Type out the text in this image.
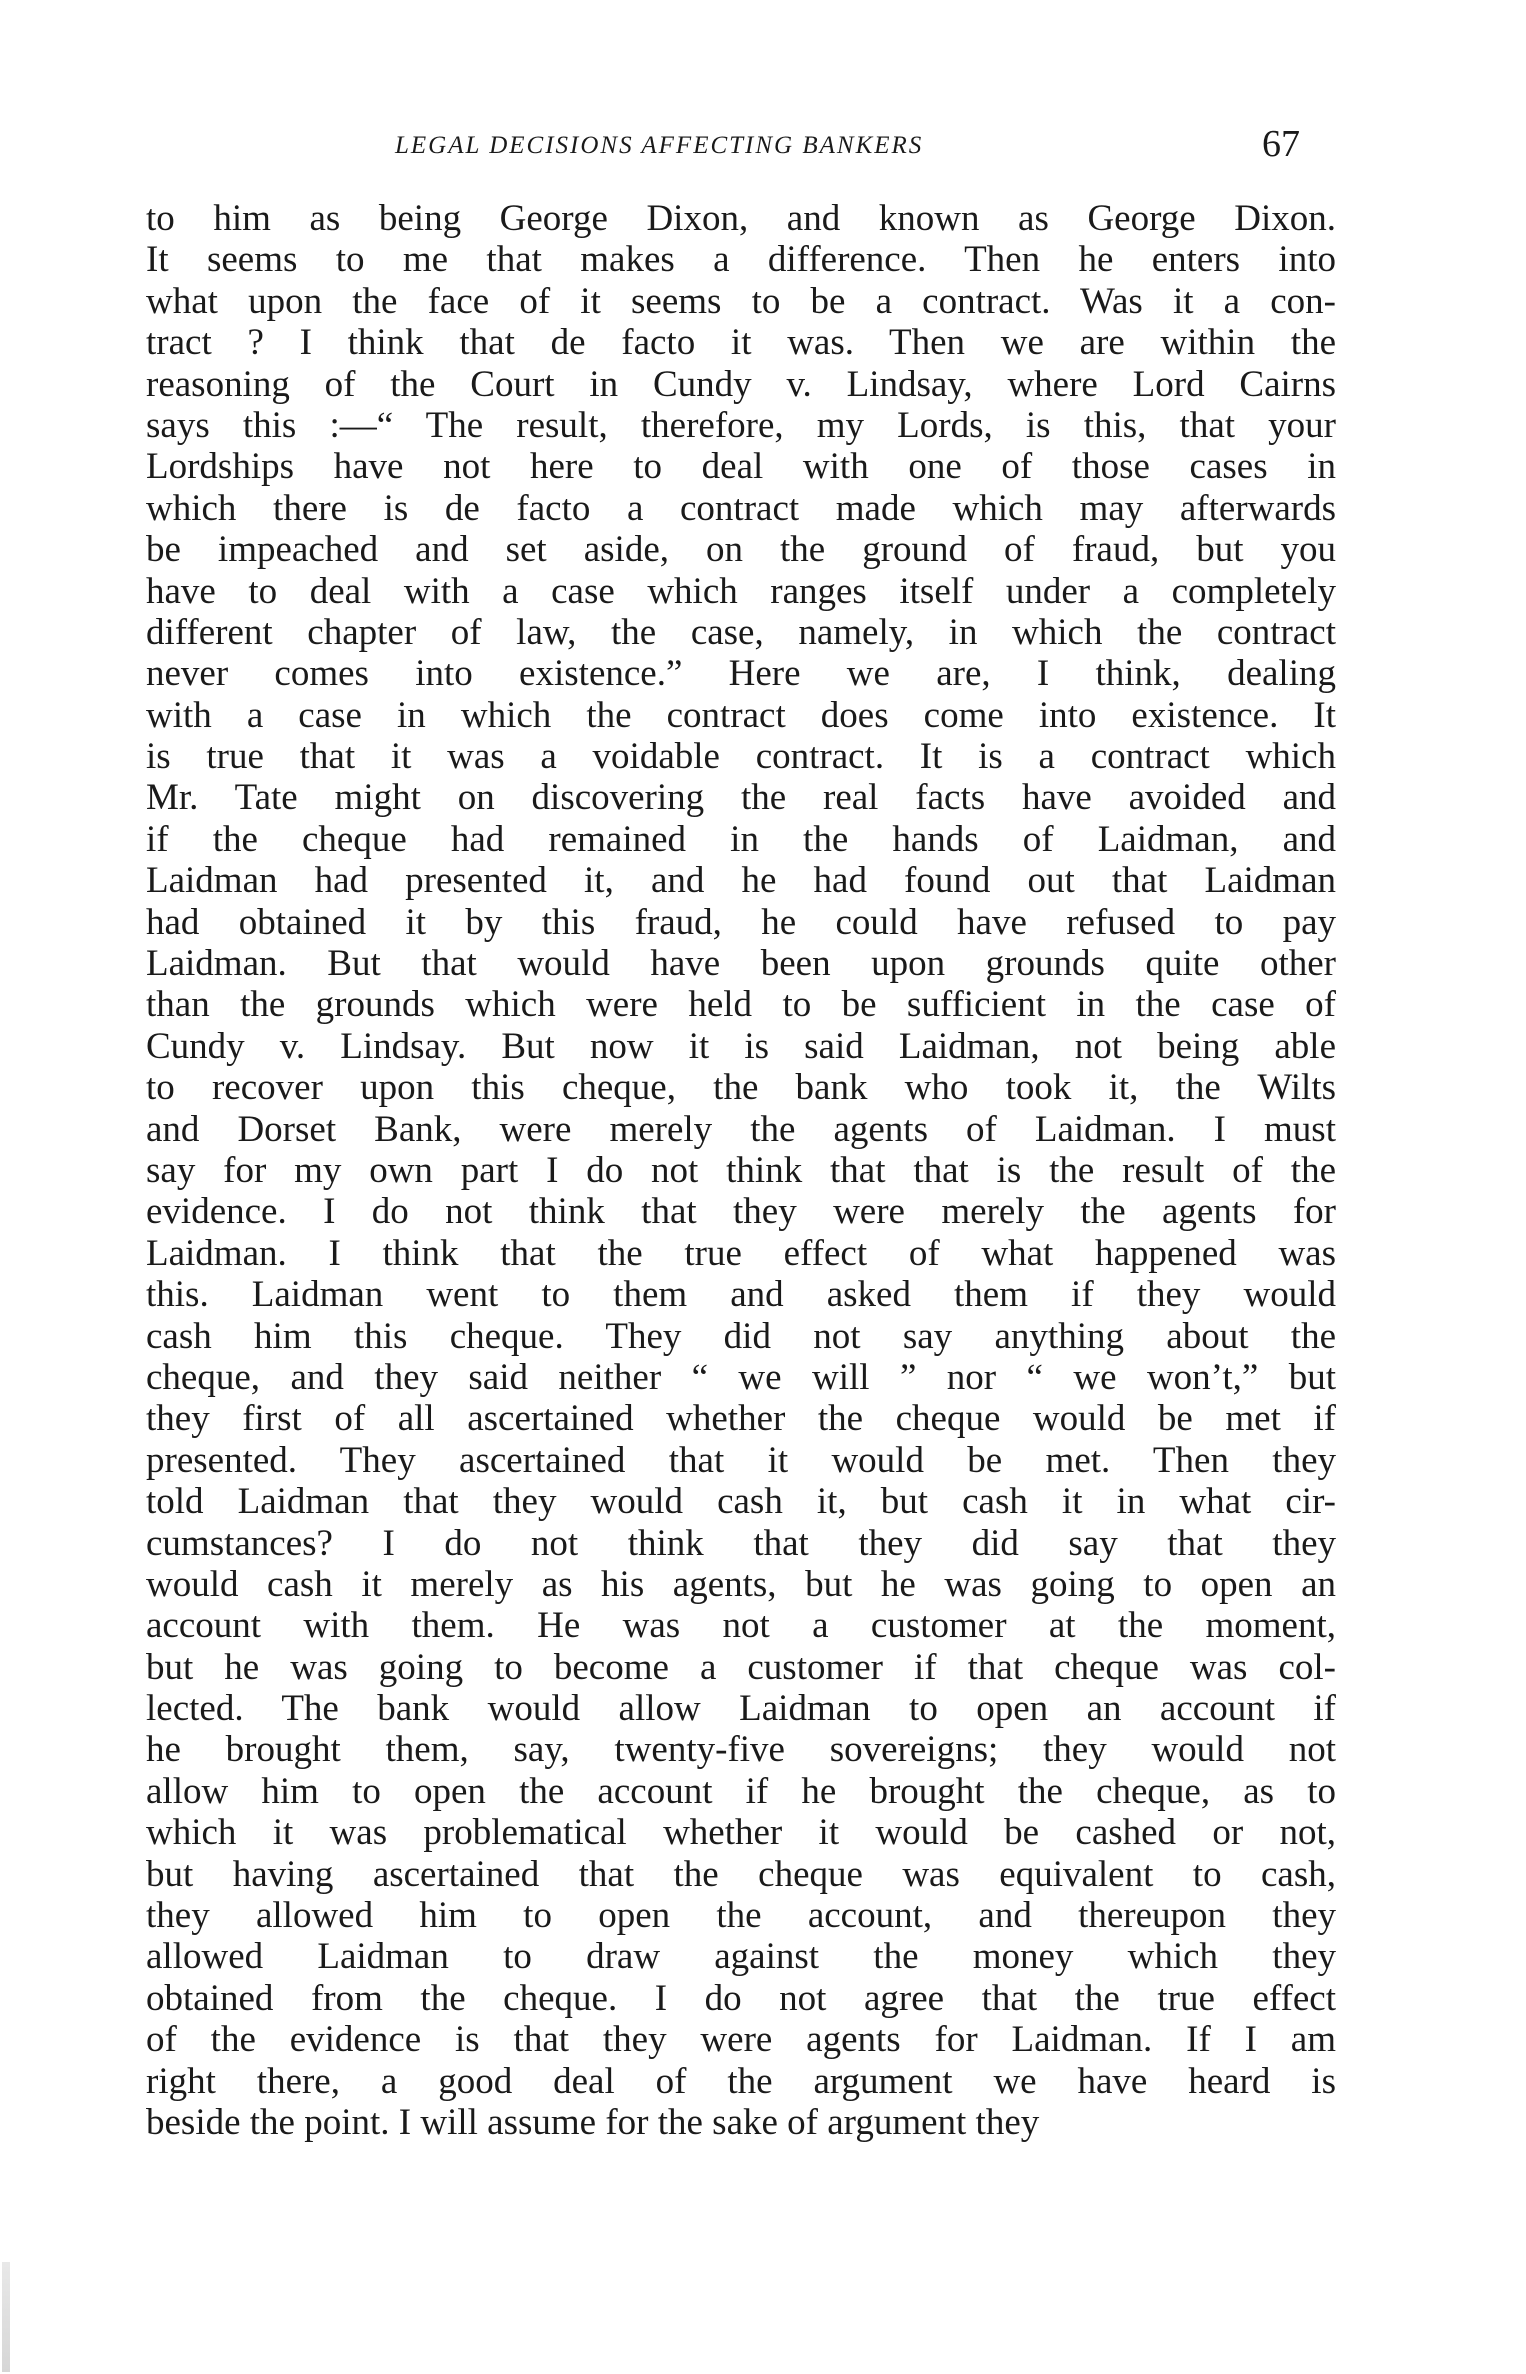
LEGAL DECISIONS AFFECTING BANKERS	67
to him as being George Dixon, and known as George Dixon.
It seems to me that makes a difference. Then he enters into
what upon the face of it seems to be a contract. Was it a con-
tract ? I think that de facto it was. Then we are within the
reasoning of the Court in Cundy v. Lindsay, where Lord Cairns
says this :—“ The result, therefore, my Lords, is this, that your
Lordships have not here to deal with one of those cases in
which there is de facto a contract made which may afterwards
be impeached and set aside, on the ground of fraud, but you
have to deal with a case which ranges itself under a completely
different chapter of law, the case, namely, in which the contract
never comes into existence.” Here we are, I think, dealing
with a case in which the contract does come into existence. It
is true that it was a voidable contract. It is a contract which
Mr. Tate might on discovering the real facts have avoided and
if the cheque had remained in the hands of Laidman, and
Laidman had presented it, and he had found out that Laidman
had obtained it by this fraud, he could have refused to pay
Laidman. But that would have been upon grounds quite other
than the grounds which were held to be sufficient in the case of
Cundy v. Lindsay. But now it is said Laidman, not being able
to recover upon this cheque, the bank who took it, the Wilts
and Dorset Bank, were merely the agents of Laidman. I must
say for my own part I do not think that that is the result of the
evidence. I do not think that they were merely the agents for
Laidman. I think that the true effect of what happened was
this. Laidman went to them and asked them if they would
cash him this cheque. They did not say anything about the
cheque, and they said neither “ we will ” nor “ we won’t,” but
they first of all ascertained whether the cheque would be met if
presented. They ascertained that it would be met. Then they
told Laidman that they would cash it, but cash it in what cir-
cumstances? I do not think that they did say that they
would cash it merely as his agents, but he was going to open an
account with them. He was not a customer at the moment,
but he was going to become a customer if that cheque was col-
lected. The bank would allow Laidman to open an account if
he brought them, say, twenty-five sovereigns; they would not
allow him to open the account if he brought the cheque, as to
which it was problematical whether it would be cashed or not,
but having ascertained that the cheque was equivalent to cash,
they allowed him to open the account, and thereupon they
allowed Laidman to draw against the money which they
obtained from the cheque. I do not agree that the true effect
of the evidence is that they were agents for Laidman. If I am
right there, a good deal of the argument we have heard is
beside the point. I will assume for the sake of argument they
